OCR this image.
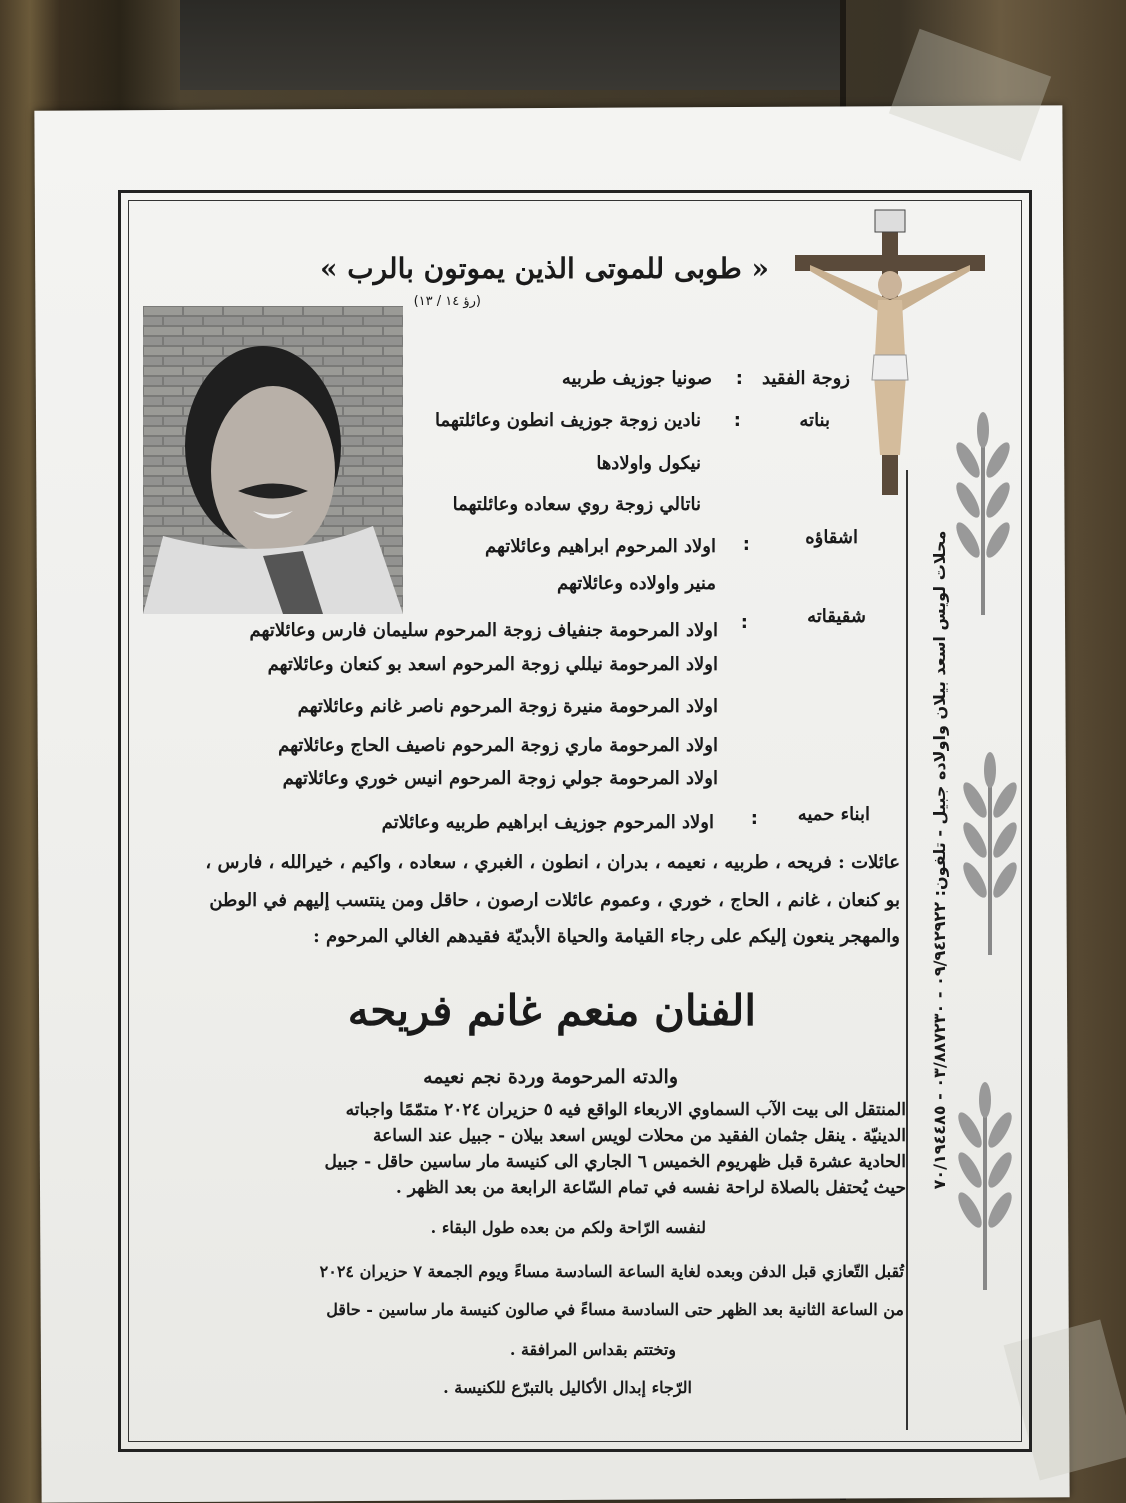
محلات لويس اسعد بيلان واولاده جبيل - تلفون: ٠٩/٩٤٢٩٢٢ - ٠٣/٨٨٧٢٣٠ - ٧٠/١٩٤٤٨٥
« طوبى للموتى الذين يموتون بالرب »
(رؤ ١٤ / ١٣)
زوجة الفقيد
:
صونيا جوزيف طربيه
بناته
:
نادين زوجة جوزيف انطون وعائلتهما
نيكول واولادها
ناتالي زوجة روي سعاده وعائلتهما
اشقاؤه
:
اولاد المرحوم ابراهيم وعائلاتهم
منير واولاده وعائلاتهم
شقيقاته
:
اولاد المرحومة جنفياف زوجة المرحوم سليمان فارس وعائلاتهم
اولاد المرحومة نيللي زوجة المرحوم اسعد بو كنعان وعائلاتهم
اولاد المرحومة منيرة زوجة المرحوم ناصر غانم وعائلاتهم
اولاد المرحومة ماري زوجة المرحوم ناصيف الحاج وعائلاتهم
اولاد المرحومة جولي زوجة المرحوم انيس خوري وعائلاتهم
ابناء حميه
:
اولاد المرحوم جوزيف ابراهيم طربيه وعائلاتم
عائلات : فريحه ، طربيه ، نعيمه ، بدران ، انطون ، الغبري ، سعاده ، واكيم ، خيرالله ، فارس ،
بو كنعان ، غانم ، الحاج ، خوري ، وعموم عائلات ارصون ، حاقل ومن ينتسب إليهم في الوطن
والمهجر ينعون إليكم على رجاء القيامة والحياة الأبديّة فقيدهم الغالي المرحوم :
الفنان منعم غانم فريحه
والدته المرحومة وردة نجم نعيمه
المنتقل الى بيت الآب السماوي الاربعاء الواقع فيه ٥ حزيران ٢٠٢٤ متمّمًا واجباته
الدينيّة . ينقل جثمان الفقيد من محلات لويس اسعد بيلان - جبيل عند الساعة
الحادية عشرة قبل ظهريوم الخميس ٦ الجاري الى كنيسة مار ساسين حاقل - جبيل
حيث يُحتفل بالصلاة لراحة نفسه في تمام السّاعة الرابعة من بعد الظهر .
لنفسه الرّاحة ولكم من بعده طول البقاء .
تُقبل التّعازي قبل الدفن وبعده لغاية الساعة السادسة مساءً ويوم الجمعة ٧ حزيران ٢٠٢٤
من الساعة الثانية بعد الظهر حتى السادسة مساءً في صالون كنيسة مار ساسين - حاقل
وتختتم بقداس المرافقة .
الرّجاء إبدال الأكاليل بالتبرّع للكنيسة .
